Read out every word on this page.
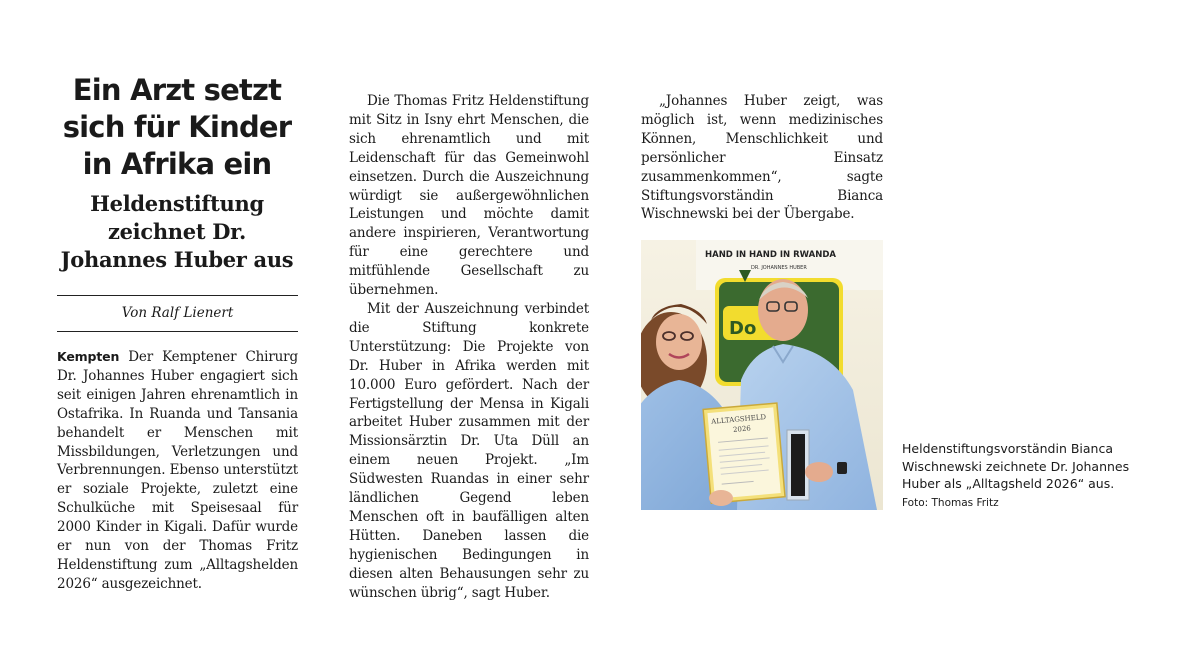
Ein Arzt setzt sich für Kinder in Afrika ein
Heldenstiftung zeichnet Dr. Johannes Huber aus
Von Ralf Lienert

Kempten Der Kemptener Chirurg Dr. Johannes Huber engagiert sich seit einigen Jahren ehrenamtlich in Ostafrika. In Ruanda und Tansania behandelt er Menschen mit Missbildungen, Verletzungen und Verbrennungen. Ebenso unterstützt er soziale Projekte, zuletzt eine Schulküche mit Speisesaal für 2000 Kinder in Kigali. Dafür wurde er nun von der Thomas Fritz Heldenstiftung zum „Alltagshelden 2026“ ausgezeichnet.

Die Thomas Fritz Heldenstiftung mit Sitz in Isny ehrt Menschen, die sich ehrenamtlich und mit Leidenschaft für das Gemeinwohl einsetzen. Durch die Auszeichnung würdigt sie außergewöhnlichen Leistungen und möchte damit andere inspirieren, Verantwortung für eine gerechtere und mitfühlende Gesellschaft zu übernehmen.

Mit der Auszeichnung verbindet die Stiftung konkrete Unterstützung: Die Projekte von Dr. Huber in Afrika werden mit 10.000 Euro gefördert. Nach der Fertigstellung der Mensa in Kigali arbeitet Huber zusammen mit der Missionsärztin Dr. Uta Düll an einem neuen Projekt. „Im Südwesten Ruandas in einer sehr ländlichen Gegend leben Menschen oft in baufälligen alten Hütten. Daneben lassen die hygienischen Bedingungen in diesen alten Behausungen sehr zu wünschen übrig“, sagt Huber.

„Johannes Huber zeigt, was möglich ist, wenn medizinisches Können, Menschlichkeit und persönlicher Einsatz zusammenkommen“, sagte Stiftungsvorständin Bianca Wischnewski bei der Übergabe.

HAND IN HAND IN RWANDA
DR. JOHANNES HUBER
Do
ALLTAGSHELD
2026
Heldenstiftungsvorständin Bianca Wischnewski zeichnete Dr. Johannes Huber als „Alltagsheld 2026“ aus.
Foto: Thomas Fritz
